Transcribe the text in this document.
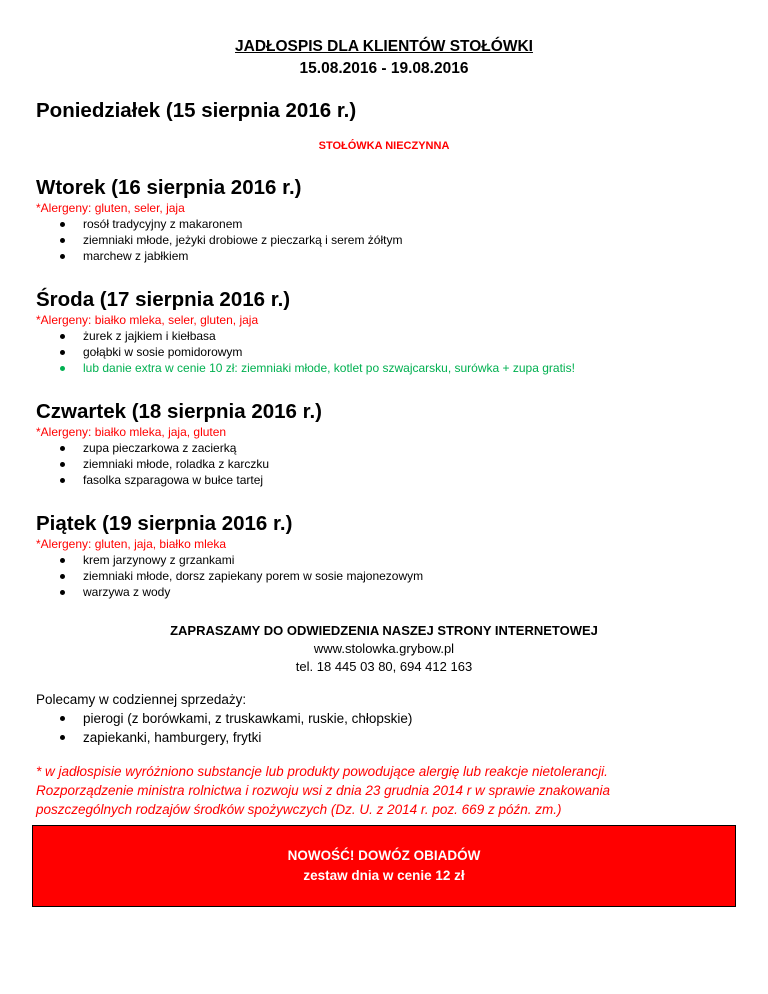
JADŁOSPIS DLA KLIENTÓW STOŁÓWKI
15.08.2016 - 19.08.2016
Poniedziałek (15 sierpnia 2016 r.)
STOŁÓWKA NIECZYNNA
Wtorek (16 sierpnia 2016 r.)
*Alergeny: gluten, seler, jaja
rosół tradycyjny z makaronem
ziemniaki młode, jeżyki drobiowe z pieczarką i serem żółtym
marchew z jabłkiem
Środa (17 sierpnia 2016 r.)
*Alergeny: białko mleka, seler, gluten, jaja
żurek z jajkiem i kiełbasa
gołąbki w sosie pomidorowym
lub danie extra w cenie 10 zł: ziemniaki młode, kotlet po szwajcarsku, surówka + zupa gratis!
Czwartek (18 sierpnia 2016 r.)
*Alergeny: białko mleka, jaja, gluten
zupa pieczarkowa z zacierką
ziemniaki młode, roladka z karczku
fasolka szparagowa w bułce tartej
Piątek (19 sierpnia 2016 r.)
*Alergeny: gluten, jaja, białko mleka
krem jarzynowy z grzankami
ziemniaki młode, dorsz zapiekany porem w sosie majonezowym
warzywa z wody
ZAPRASZAMY DO ODWIEDZENIA NASZEJ STRONY INTERNETOWEJ
www.stolowka.grybow.pl
tel. 18 445 03 80, 694 412 163
Polecamy w codziennej sprzedaży:
pierogi (z borówkami, z truskawkami, ruskie, chłopskie)
zapiekanki, hamburgery, frytki
* w jadłospisie wyróżniono substancje lub produkty powodujące alergię lub reakcje nietolerancji.
Rozporządzenie ministra rolnictwa i rozwoju wsi z dnia 23 grudnia 2014 r w sprawie znakowania
poszczególnych rodzajów środków spożywczych (Dz. U. z 2014 r. poz. 669 z późn. zm.)
NOWOŚĆ! DOWÓZ OBIADÓW
zestaw dnia w cenie 12 zł
